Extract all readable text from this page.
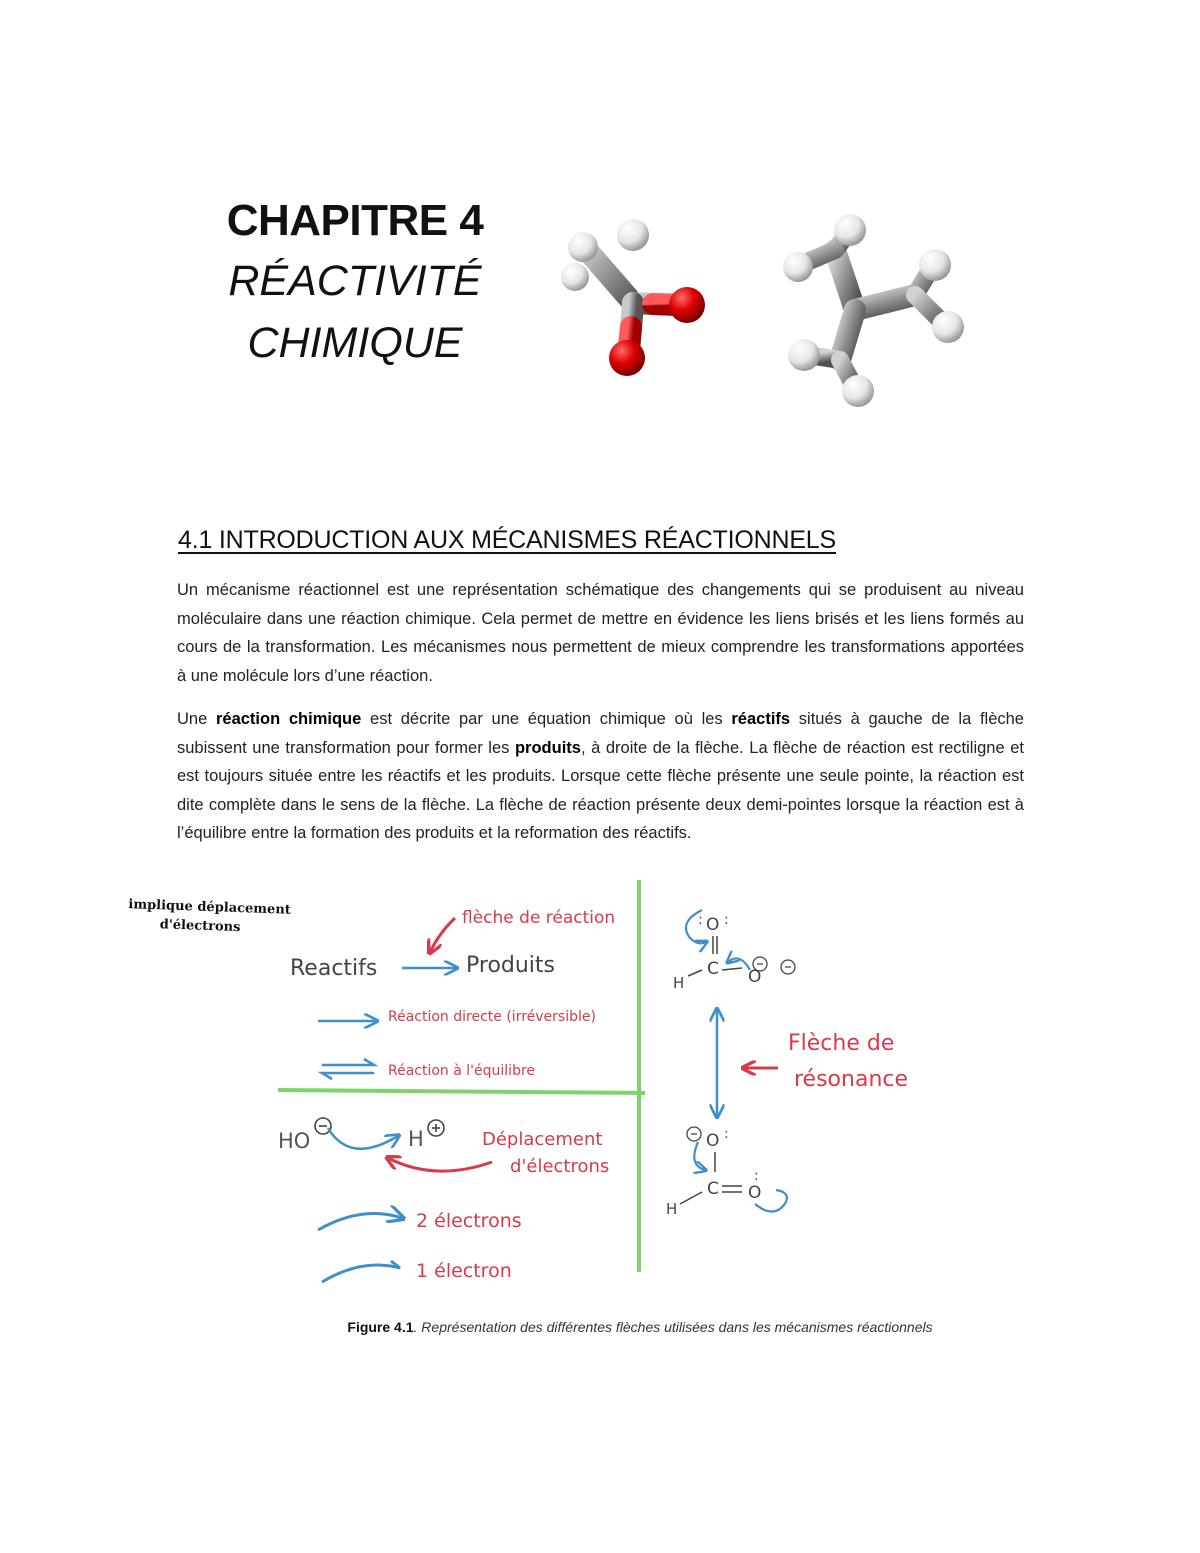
CHAPITRE 4
RÉACTIVITÉ
CHIMIQUE
4.1 INTRODUCTION AUX MÉCANISMES RÉACTIONNELS
Un mécanisme réactionnel est une représentation schématique des changements qui se produisent au niveau moléculaire dans une réaction chimique. Cela permet de mettre en évidence les liens brisés et les liens formés au cours de la transformation. Les mécanismes nous permettent de mieux comprendre les transformations apportées à une molécule lors d’une réaction.
Une réaction chimique est décrite par une équation chimique où les réactifs situés à gauche de la flèche subissent une transformation pour former les produits, à droite de la flèche. La flèche de réaction est rectiligne et est toujours située entre les réactifs et les produits. Lorsque cette flèche présente une seule pointe, la réaction est dite complète dans le sens de la flèche. La flèche de réaction présente deux demi-pointes lorsque la réaction est à l’équilibre entre la formation des produits et la reformation des réactifs.
implique déplacement
d'électrons	flèche de réaction
Reactifs	Produits
Réaction directe (irréversible)
Réaction à l'équilibre
HO	H	Déplacement
d'électrons
2 électrons
1 électron
O
: :
C
H	O
Flèche de
résonance
O :
C
H
O
:
Figure 4.1. Représentation des différentes flèches utilisées dans les mécanismes réactionnels
